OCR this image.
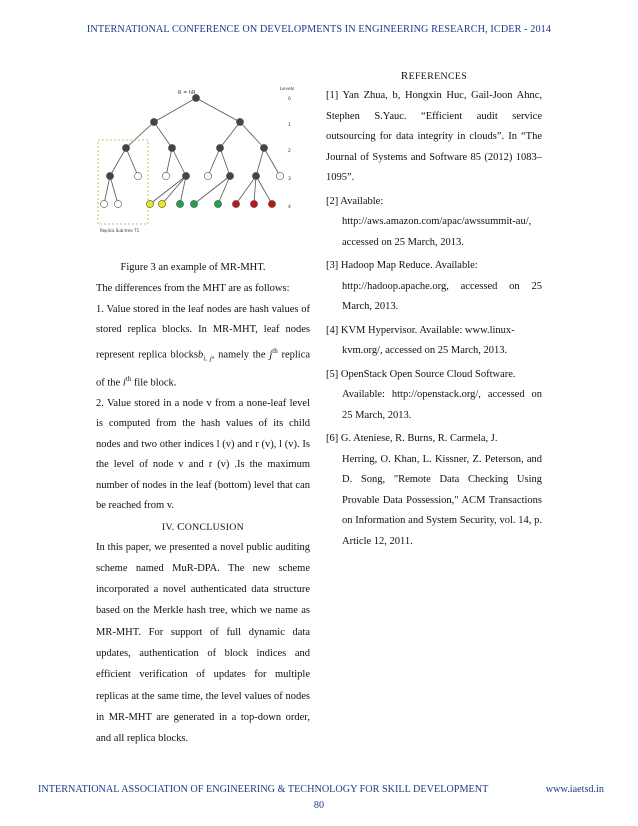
INTERNATIONAL CONFERENCE ON DEVELOPMENTS IN ENGINEERING RESEARCH, ICDER - 2014
R = hR
Levels
0
1
2
3
4
Replica Sub-tree T1
Figure 3 an example of MR-MHT.

The differences from the MHT are as follows:

1. Value stored in the leaf nodes are hash values of stored replica blocks. In MR-MHT, leaf nodes represent replica blocksb$_{i, j}$, namely the $j^{th}$ replica of the $i^{th}$ file block.

2. Value stored in a node v from a none-leaf level is computed from the hash values of its child nodes and two other indices l (v) and r (v), l (v). Is the level of node v and r (v) .Is the maximum number of nodes in the leaf (bottom) level that can be reached from v.

IV. CONCLUSION

In this paper, we presented a novel public auditing scheme named MuR-DPA. The new scheme incorporated a novel authenticated data structure based on the Merkle hash tree, which we name as MR-MHT. For support of full dynamic data updates, authentication of block indices and efficient verification of updates for multiple replicas at the same time, the level values of nodes in MR-MHT are generated in a top-down order, and all replica blocks.

REFERENCES
[1] Yan Zhua, b, Hongxin Huc, Gail-Joon Ahnc, Stephen S.Yauc. “Efficient audit service outsourcing for data integrity in clouds”. In “The Journal of Systems and Software 85 (2012) 1083– 1095”.
[2] Available:
http://aws.amazon.com/apac/awssummit-au/, accessed on 25 March, 2013.
[3] Hadoop Map Reduce. Available:
http://hadoop.apache.org, accessed on 25 March, 2013.
[4] KVM Hypervisor. Available: www.linux-
kvm.org/, accessed on 25 March, 2013.
[5] OpenStack Open Source Cloud Software.
Available: http://openstack.org/, accessed on 25 March, 2013.
[6] G. Ateniese, R. Burns, R. Carmela, J.
Herring, O. Khan, L. Kissner, Z. Peterson, and D. Song, "Remote Data Checking Using Provable Data Possession," ACM Transactions on Information and System Security, vol. 14, p. Article 12, 2011.
INTERNATIONAL ASSOCIATION OF ENGINEERING & TECHNOLOGY FOR SKILL DEVELOPMENT	www.iaetsd.in
80
